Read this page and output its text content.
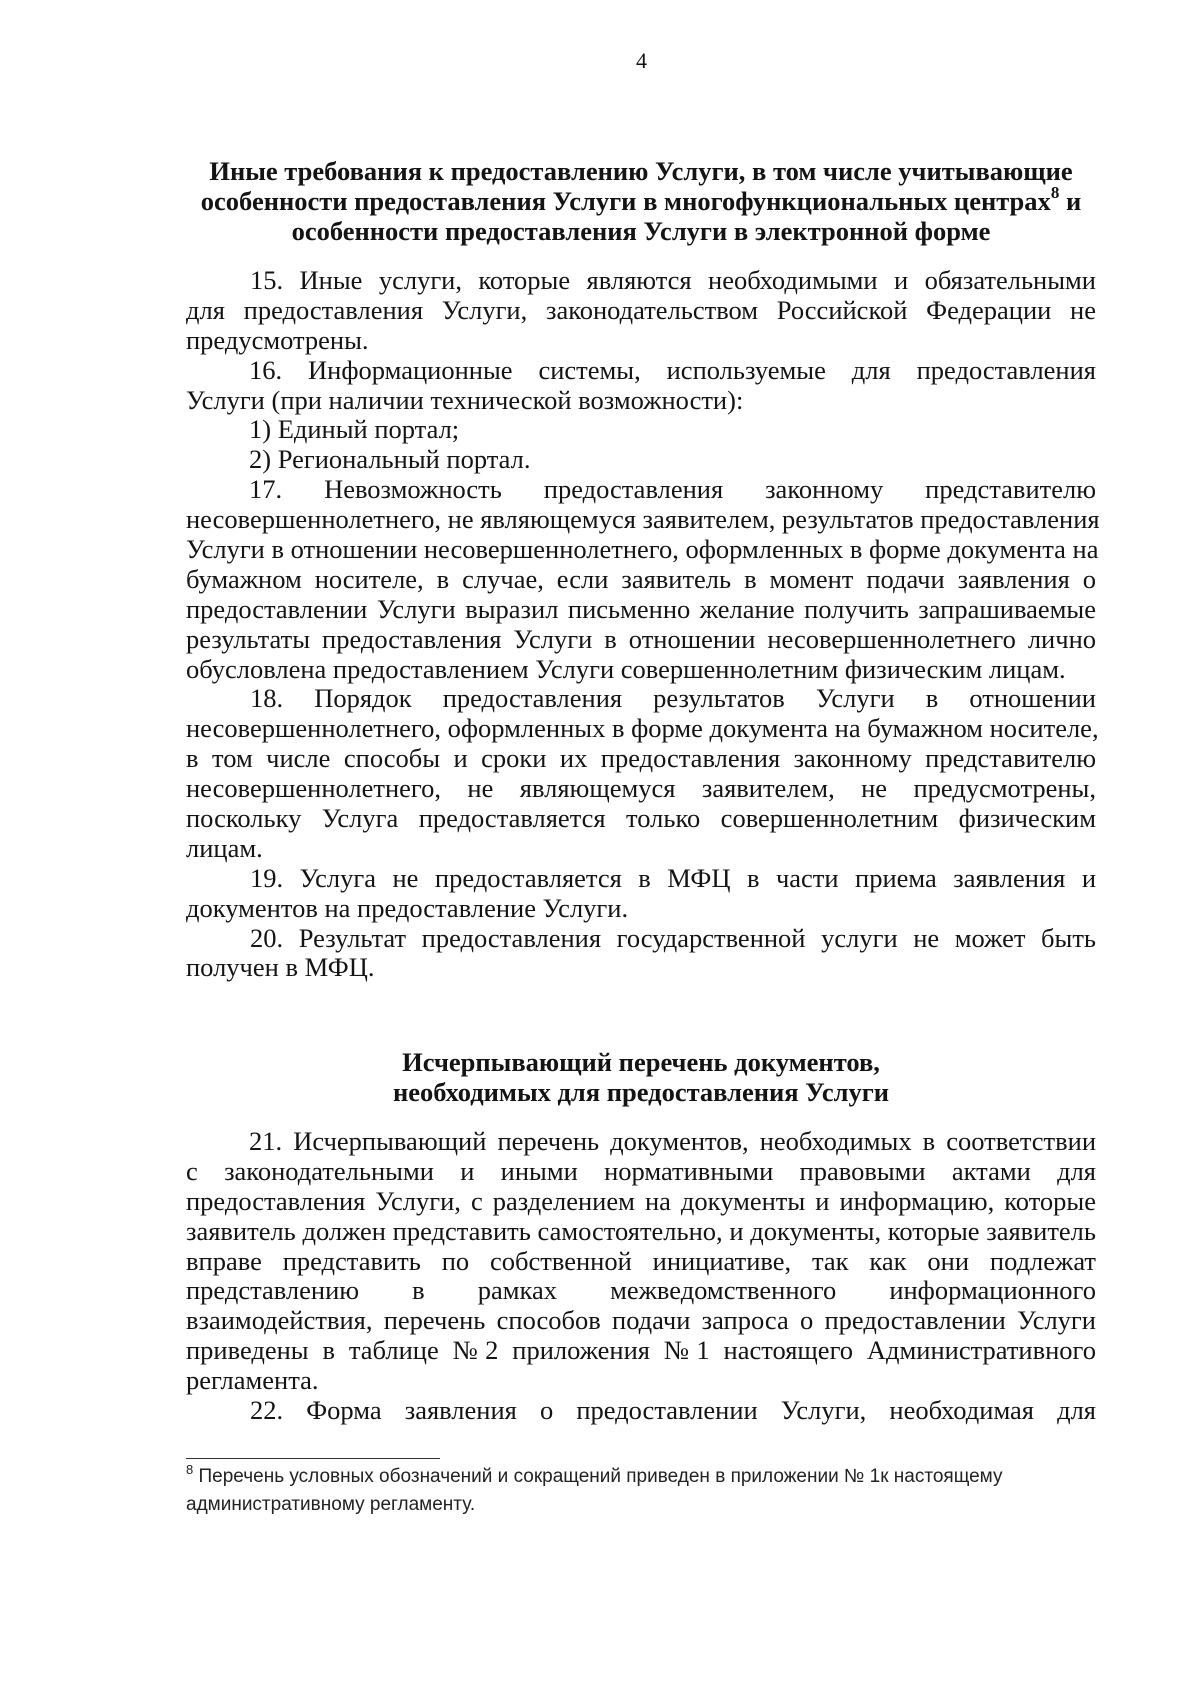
4
Иные требования к предоставлению Услуги, в том числе учитывающие
особенности предоставления Услуги в многофункциональных центрах$^8$ и
особенности предоставления Услуги в электронной форме
15. Иные услуги, которые являются необходимыми и обязательными
для предоставления Услуги, законодательством Российской Федерации не
предусмотрены.
16. Информационные системы, используемые для предоставления
Услуги (при наличии технической возможности):
1) Единый портал;
2) Региональный портал.
17. Невозможность предоставления законному представителю
несовершеннолетнего, не являющемуся заявителем, результатов предоставления
Услуги в отношении несовершеннолетнего, оформленных в форме документа на
бумажном носителе, в случае, если заявитель в момент подачи заявления о
предоставлении Услуги выразил письменно желание получить запрашиваемые
результаты предоставления Услуги в отношении несовершеннолетнего лично
обусловлена предоставлением Услуги совершеннолетним физическим лицам.
18. Порядок предоставления результатов Услуги в отношении
несовершеннолетнего, оформленных в форме документа на бумажном носителе,
в том числе способы и сроки их предоставления законному представителю
несовершеннолетнего, не являющемуся заявителем, не предусмотрены,
поскольку Услуга предоставляется только совершеннолетним физическим
лицам.
19. Услуга не предоставляется в МФЦ в части приема заявления и
документов на предоставление Услуги.
20. Результат предоставления государственной услуги не может быть
получен в МФЦ.
Исчерпывающий перечень документов,
необходимых для предоставления Услуги
21. Исчерпывающий перечень документов, необходимых в соответствии
с законодательными и иными нормативными правовыми актами для
предоставления Услуги, с разделением на документы и информацию, которые
заявитель должен представить самостоятельно, и документы, которые заявитель
вправе представить по собственной инициативе, так как они подлежат
представлению в рамках межведомственного информационного
взаимодействия, перечень способов подачи запроса о предоставлении Услуги
приведены в таблице №2 приложения №1 настоящего Административного
регламента.
22. Форма заявления о предоставлении Услуги, необходимая для
$^8$ Перечень условных обозначений и сокращений приведен в приложении № 1к настоящему
административному регламенту.
